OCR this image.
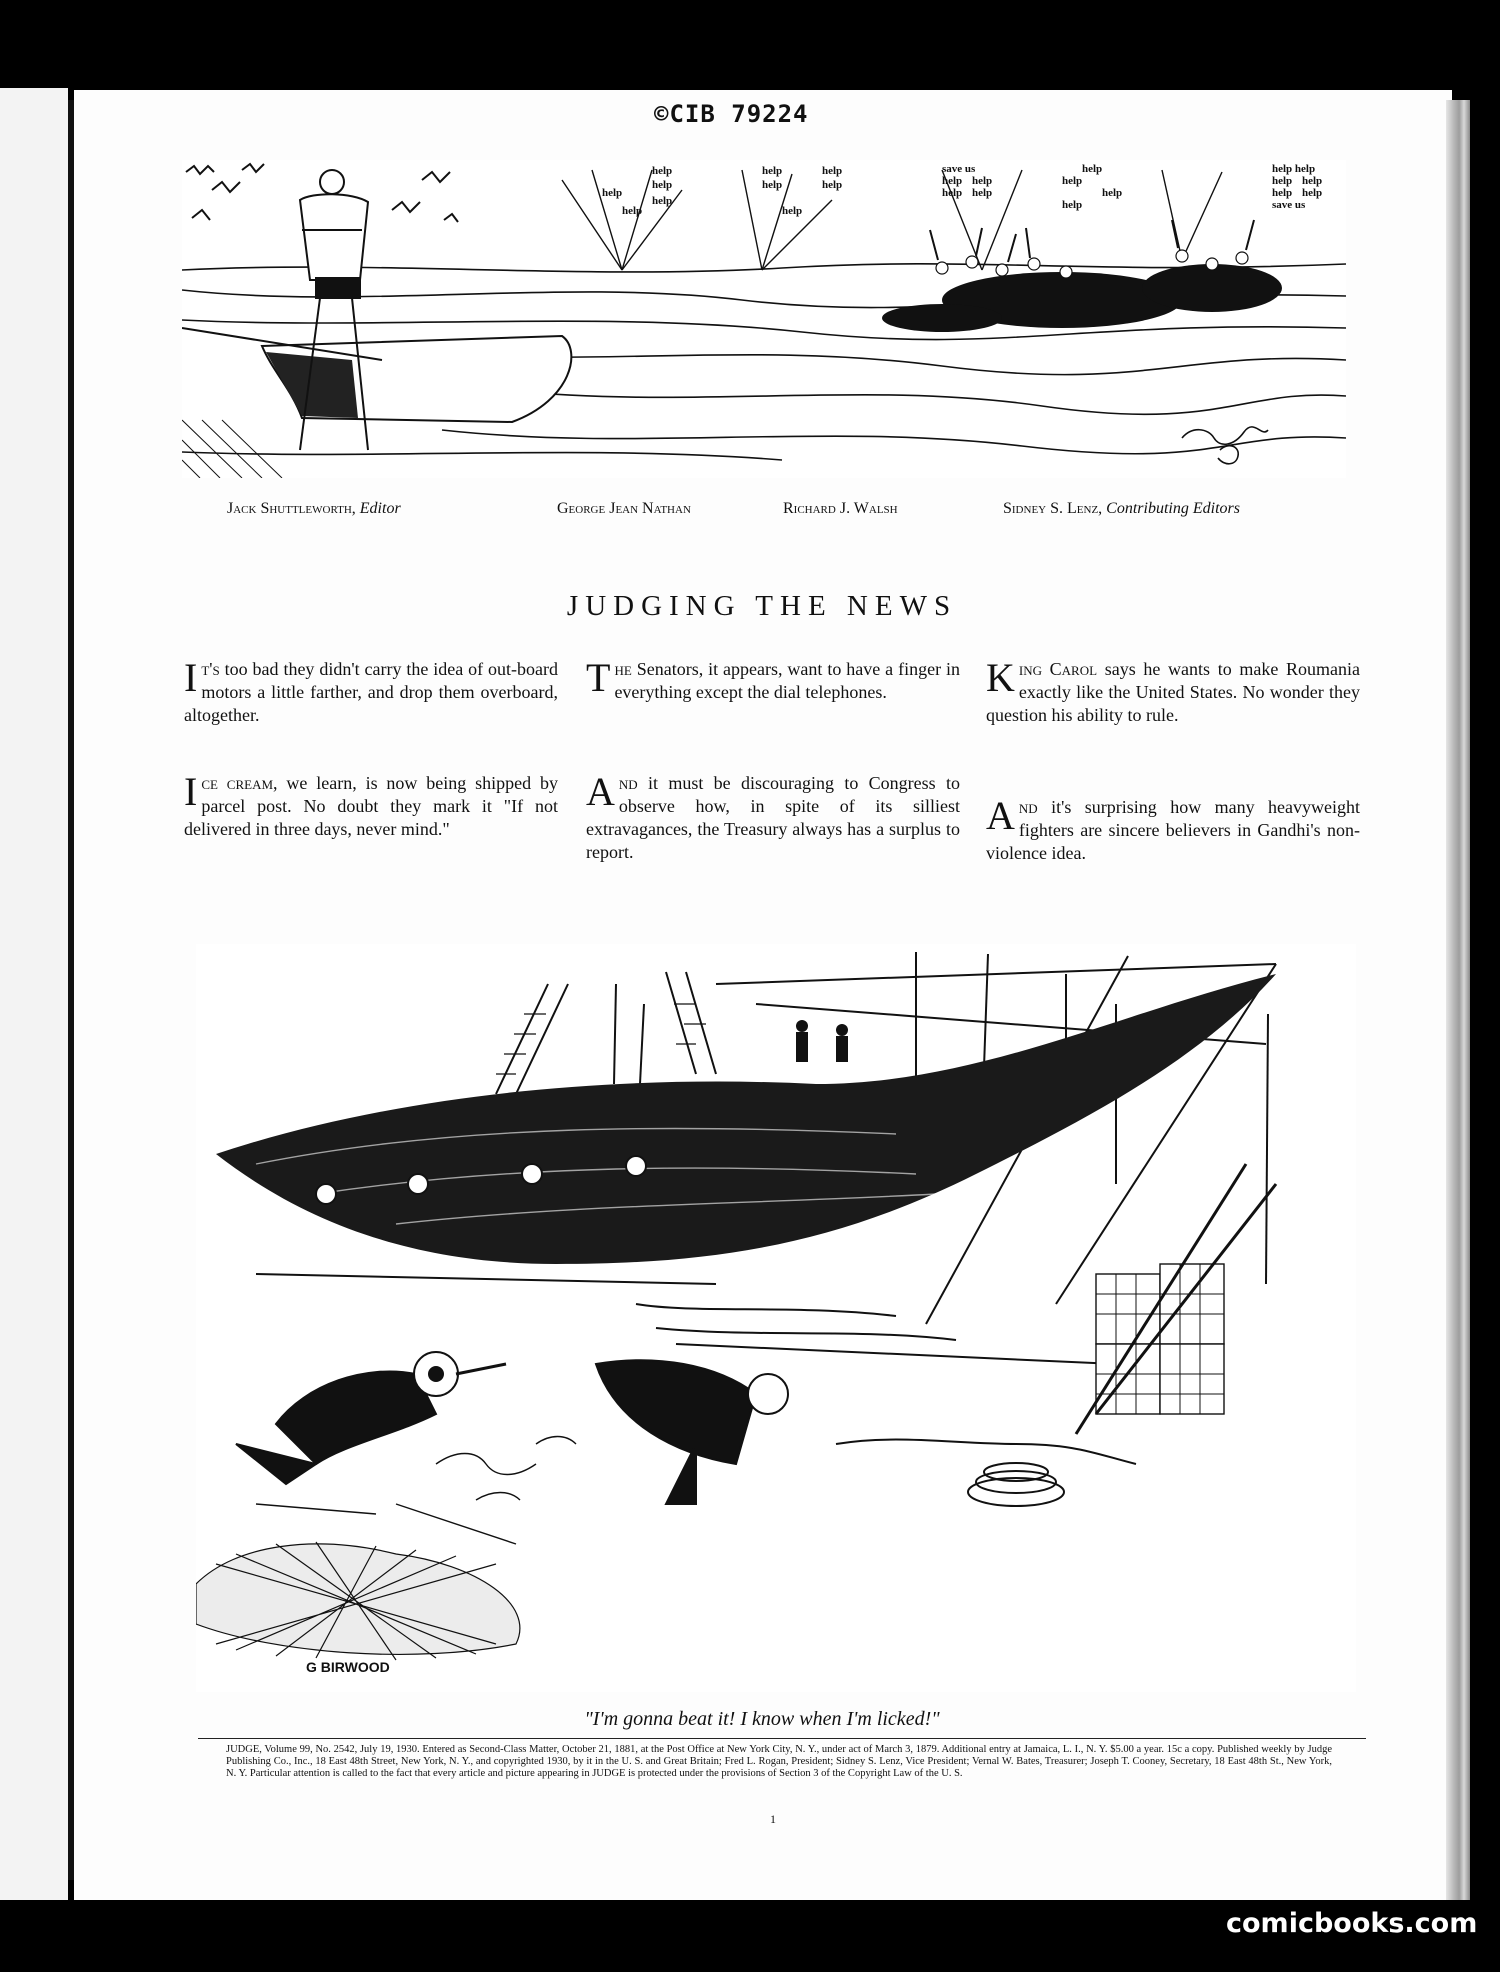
©CIB 79224
help
help
help
help
help
help	help
help	help
help
save us
help help
help help
help
help
help
help help
help help
help help
help	save us
Jack Shuttleworth, Editor	George Jean Nathan	Richard J. Walsh	Sidney S. Lenz, Contributing Editors
JUDGING THE NEWS
It's too bad they didn't carry the idea of out-board motors a little farther, and drop them overboard, altogether.
The Senators, it appears, want to have a finger in everything except the dial telephones.	King Carol says he wants to make Roumania exactly like the United States. No wonder they question his ability to rule.
Ice cream, we learn, is now being shipped by parcel post. No doubt they mark it "If not delivered in three days, never mind."
And it must be discouraging to Congress to observe how, in spite of its silliest extravagances, the Treasury always has a surplus to report.
And it's surprising how many heavyweight fighters are sincere believers in Gandhi's non-violence idea.
G BIRWOOD
"I'm gonna beat it! I know when I'm licked!"
JUDGE, Volume 99, No. 2542, July 19, 1930. Entered as Second-Class Matter, October 21, 1881, at the Post Office at New York City, N. Y., under act of March 3, 1879. Additional entry at Jamaica, L. I., N. Y. $5.00 a year. 15c a copy. Published weekly by Judge Publishing Co., Inc., 18 East 48th Street, New York, N. Y., and copyrighted 1930, by it in the U. S. and Great Britain; Fred L. Rogan, President; Sidney S. Lenz, Vice President; Vernal W. Bates, Treasurer; Joseph T. Cooney, Secretary, 18 East 48th St., New York, N. Y. Particular attention is called to the fact that every article and picture appearing in JUDGE is protected under the provisions of Section 3 of the Copyright Law of the U. S.
1
comicbooks.com
